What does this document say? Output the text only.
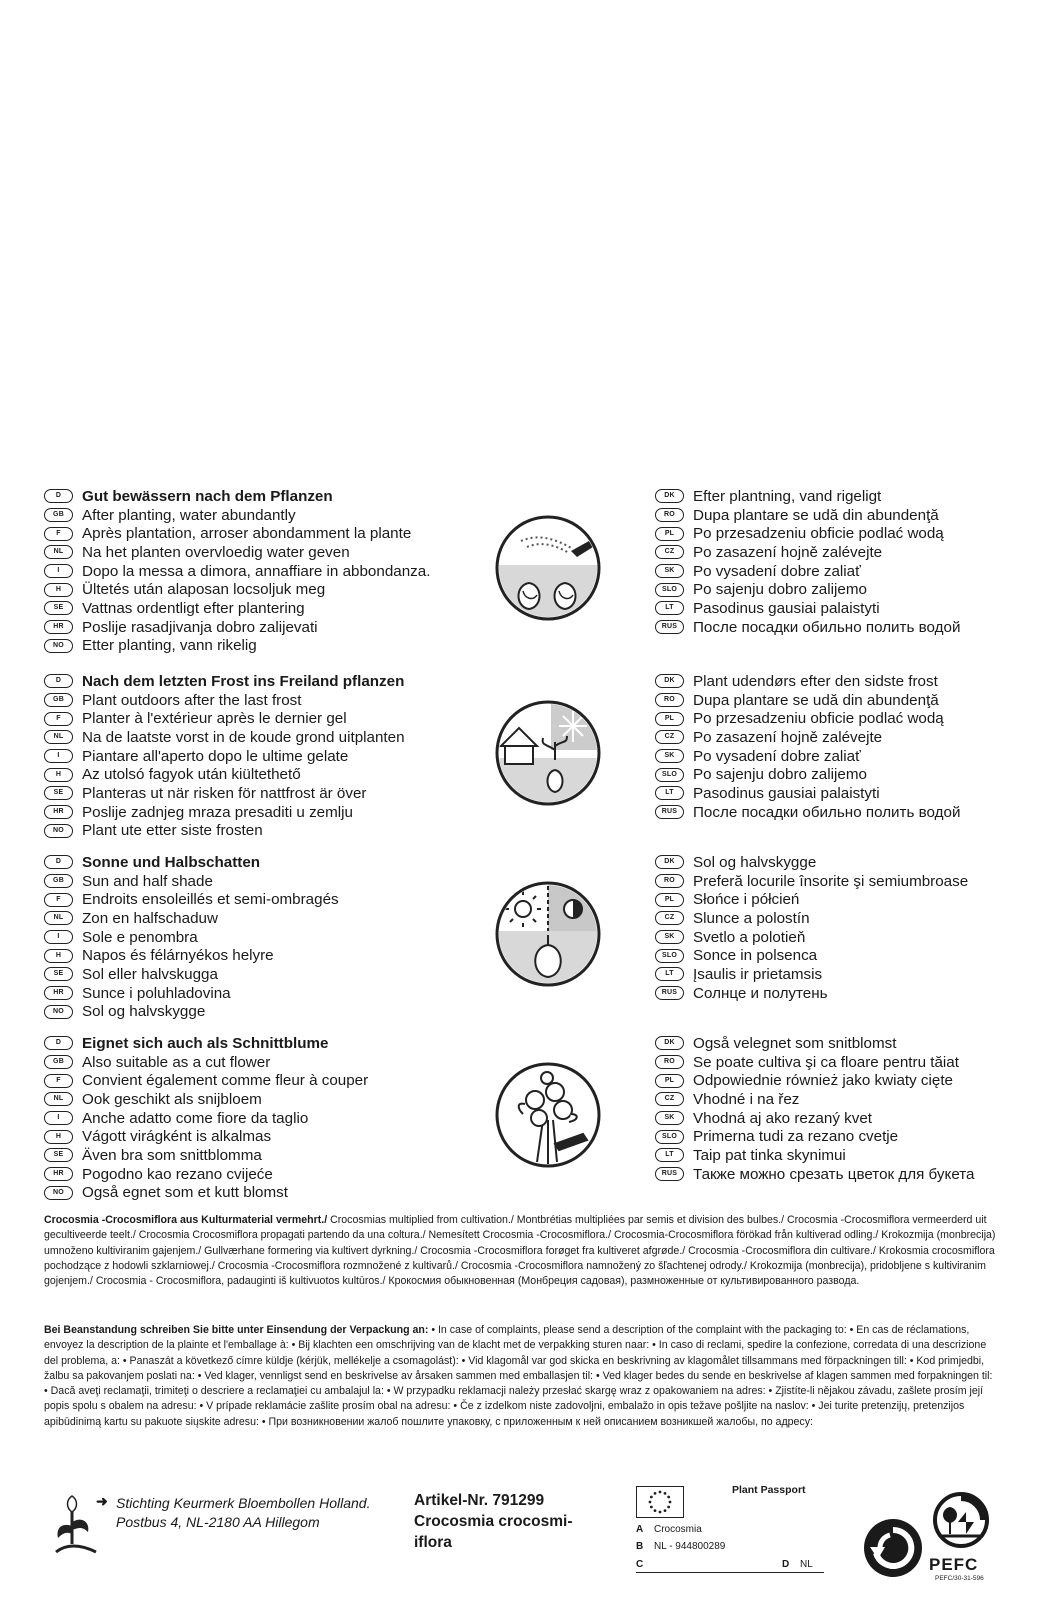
D	Gut bewässern nach dem Pflanzen
GB	After planting, water abundantly
F	Après plantation, arroser abondamment la plante
NL	Na het planten overvloedig water geven
I	Dopo la messa a dimora, annaffiare in abbondanza.
H	Ültetés után alaposan locsoljuk meg
SE	Vattnas ordentligt efter plantering
HR	Poslije rasadjivanja dobro zalijevati
NO	Etter planting, vann rikelig
DK	Efter plantning, vand rigeligt
RO	Dupa plantare se udă din abundenţă
PL	Po przesadzeniu obficie podlać wodą
CZ	Po zasazení hojně zalévejte
SK	Po vysadení dobre zaliať
SLO	Po sajenju dobro zalijemo
LT	Pasodinus gausiai palaistyti
RUS	После посадки обильно полить водой
D	Nach dem letzten Frost ins Freiland pflanzen
GB	Plant outdoors after the last frost
F	Planter à l'extérieur après le dernier gel
NL	Na de laatste vorst in de koude grond uitplanten
I	Piantare all'aperto dopo le ultime gelate
H	Az utolsó fagyok után kiültethető
SE	Planteras ut när risken för nattfrost är över
HR	Poslije zadnjeg mraza presaditi u zemlju
NO	Plant ute etter siste frosten
DK	Plant udendørs efter den sidste frost
RO	Dupa plantare se udă din abundenţă
PL	Po przesadzeniu obficie podlać wodą
CZ	Po zasazení hojně zalévejte
SK	Po vysadení dobre zaliať
SLO	Po sajenju dobro zalijemo
LT	Pasodinus gausiai palaistyti
RUS	После посадки обильно полить водой
D	Sonne und Halbschatten
GB	Sun and half shade
F	Endroits ensoleillés et semi-ombragés
NL	Zon en halfschaduw
I	Sole e penombra
H	Napos és félárnyékos helyre
SE	Sol eller halvskugga
HR	Sunce i poluhladovina
NO	Sol og halvskygge
DK	Sol og halvskygge
RO	Preferă locurile însorite şi semiumbroase
PL	Słońce i półcień
CZ	Slunce a polostín
SK	Svetlo a polotieň
SLO	Sonce in polsenca
LT	Įsaulis ir prietamsis
RUS	Солнце и полутень
D	Eignet sich auch als Schnittblume
GB	Also suitable as a cut flower
F	Convient également comme fleur à couper
NL	Ook geschikt als snijbloem
I	Anche adatto come fiore da taglio
H	Vágott virágként is alkalmas
SE	Även bra som snittblomma
HR	Pogodno kao rezano cvijeće
NO	Også egnet som et kutt blomst
DK	Også velegnet som snitblomst
RO	Se poate cultiva şi ca floare pentru tăiat
PL	Odpowiednie również jako kwiaty cięte
CZ	Vhodné i na řez
SK	Vhodná aj ako rezaný kvet
SLO	Primerna tudi za rezano cvetje
LT	Taip pat tinka skynimui
RUS	Также можно срезать цветок для букета
Crocosmia -Crocosmiflora aus Kulturmaterial vermehrt./ Crocosmias multiplied from cultivation./ Montbrétias multipliées par semis et division des bulbes./ Crocosmia -Crocosmiflora vermeerderd uit gecultiveerde teelt./ Crocosmia Crocosmiflora propagati partendo da una coltura./ Nemesített Crocosmia -Crocosmiflora./ Crocosmia-Crocosmiflora förökad från kultiverad odling./ Krokozmija (monbrecija) umnoženo kultiviranim gajenjem./ Gullværhane formering via kultivert dyrkning./ Crocosmia -Crocosmiflora forøget fra kultiveret afgrøde./ Crocosmia -Crocosmiflora din cultivare./ Krokosmia crocosmiflora pochodzące z hodowli szklarniowej./ Crocosmia -Crocosmiflora rozmnožené z kultivarů./ Crocosmia -Crocosmiflora namnožený zo šľachtenej odrody./ Krokozmija (monbrecija), pridobljene s kultiviranim gojenjem./ Crocosmia - Crocosmiflora, padauginti iš kultivuotos kultūros./ Крокосмия обыкновенная (Монбреция садовая), размноженные от культивированного развода.
Bei Beanstandung schreiben Sie bitte unter Einsendung der Verpackung an: • In case of complaints, please send a description of the complaint with the packaging to: • En cas de réclamations, envoyez la description de la plainte et l'emballage à: • Bij klachten een omschrijving van de klacht met de verpakking sturen naar: • In caso di reclami, spedire la confezione, corredata di una descrizione del problema, a: • Panaszát a következő címre küldje (kérjük, mellékelje a csomagolást): • Vid klagomål var god skicka en beskrivning av klagomålet tillsammans med förpackningen till: • Kod primjedbi, žalbu sa pakovanjem poslati na: • Ved klager, vennligst send en beskrivelse av årsaken sammen med emballasjen til: • Ved klager bedes du sende en beskrivelse af klagen sammen med forpakningen til: • Dacă aveţi reclamaţii, trimiteţi o descriere a reclamaţiei cu ambalajul la: • W przypadku reklamacji należy przesłać skargę wraz z opakowaniem na adres: • Zjistíte-li nějakou závadu, zašlete prosím její popis spolu s obalem na adresu: • V prípade reklamácie zašlite prosím obal na adresu: • Če z izdelkom niste zadovoljni, embalažo in opis težave pošljite na naslov: • Jei turite pretenzijų, pretenzijos apibūdinimą kartu su pakuote siųskite adresu: • При возникновении жалоб пошлите упаковку, с приложенным к ней описанием возникшей жалобы, по адресу:
➜ Stichting Keurmerk Bloembollen Holland.
Postbus 4, NL-2180 AA Hillegom
Artikel-Nr. 791299
Crocosmia crocosmi-
iflora
Plant Passport
A Crocosmia
B NL - 944800289
C	D NL	PEFC
PEFC/30-31-596
